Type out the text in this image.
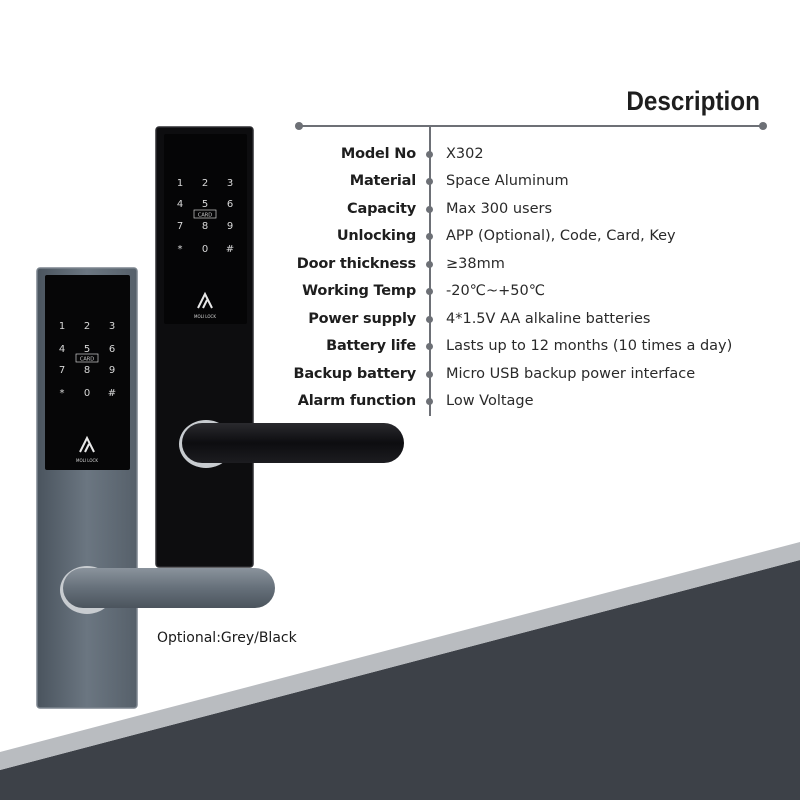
1 2 3
4 5 6
7 8 9
* 0 #
CARD
MOLI LOCK
1 2 3
4 5 6
7 8 9
* 0 #
CARD
MOLI LOCK
Description
Model No X302
Material Space Aluminum
Capacity Max 300 users
Unlocking APP (Optional), Code, Card, Key
Door thickness ≥38mm
Working Temp -20℃~+50℃
Power supply 4*1.5V AA alkaline batteries
Battery life Lasts up to 12 months (10 times a day)
Backup battery Micro USB backup power interface
Alarm function Low Voltage
Optional:Grey/Black
